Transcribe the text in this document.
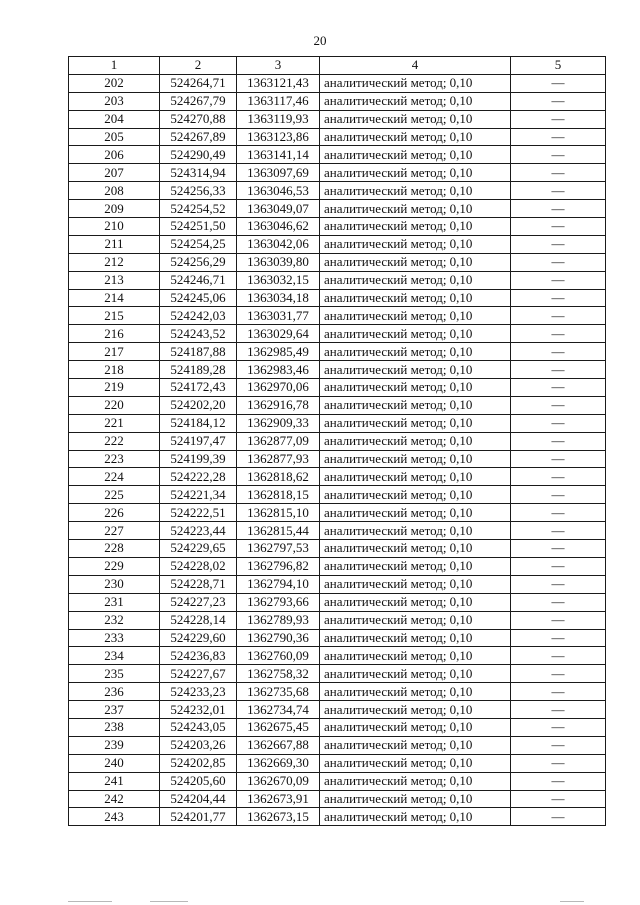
20
1	2	3	4	5
202	524264,71	1363121,43	аналитический метод; 0,10	—
203	524267,79	1363117,46	аналитический метод; 0,10	—
204	524270,88	1363119,93	аналитический метод; 0,10	—
205	524267,89	1363123,86	аналитический метод; 0,10	—
206	524290,49	1363141,14	аналитический метод; 0,10	—
207	524314,94	1363097,69	аналитический метод; 0,10	—
208	524256,33	1363046,53	аналитический метод; 0,10	—
209	524254,52	1363049,07	аналитический метод; 0,10	—
210	524251,50	1363046,62	аналитический метод; 0,10	—
211	524254,25	1363042,06	аналитический метод; 0,10	—
212	524256,29	1363039,80	аналитический метод; 0,10	—
213	524246,71	1363032,15	аналитический метод; 0,10	—
214	524245,06	1363034,18	аналитический метод; 0,10	—
215	524242,03	1363031,77	аналитический метод; 0,10	—
216	524243,52	1363029,64	аналитический метод; 0,10	—
217	524187,88	1362985,49	аналитический метод; 0,10	—
218	524189,28	1362983,46	аналитический метод; 0,10	—
219	524172,43	1362970,06	аналитический метод; 0,10	—
220	524202,20	1362916,78	аналитический метод; 0,10	—
221	524184,12	1362909,33	аналитический метод; 0,10	—
222	524197,47	1362877,09	аналитический метод; 0,10	—
223	524199,39	1362877,93	аналитический метод; 0,10	—
224	524222,28	1362818,62	аналитический метод; 0,10	—
225	524221,34	1362818,15	аналитический метод; 0,10	—
226	524222,51	1362815,10	аналитический метод; 0,10	—
227	524223,44	1362815,44	аналитический метод; 0,10	—
228	524229,65	1362797,53	аналитический метод; 0,10	—
229	524228,02	1362796,82	аналитический метод; 0,10	—
230	524228,71	1362794,10	аналитический метод; 0,10	—
231	524227,23	1362793,66	аналитический метод; 0,10	—
232	524228,14	1362789,93	аналитический метод; 0,10	—
233	524229,60	1362790,36	аналитический метод; 0,10	—
234	524236,83	1362760,09	аналитический метод; 0,10	—
235	524227,67	1362758,32	аналитический метод; 0,10	—
236	524233,23	1362735,68	аналитический метод; 0,10	—
237	524232,01	1362734,74	аналитический метод; 0,10	—
238	524243,05	1362675,45	аналитический метод; 0,10	—
239	524203,26	1362667,88	аналитический метод; 0,10	—
240	524202,85	1362669,30	аналитический метод; 0,10	—
241	524205,60	1362670,09	аналитический метод; 0,10	—
242	524204,44	1362673,91	аналитический метод; 0,10	—
243	524201,77	1362673,15	аналитический метод; 0,10	—
